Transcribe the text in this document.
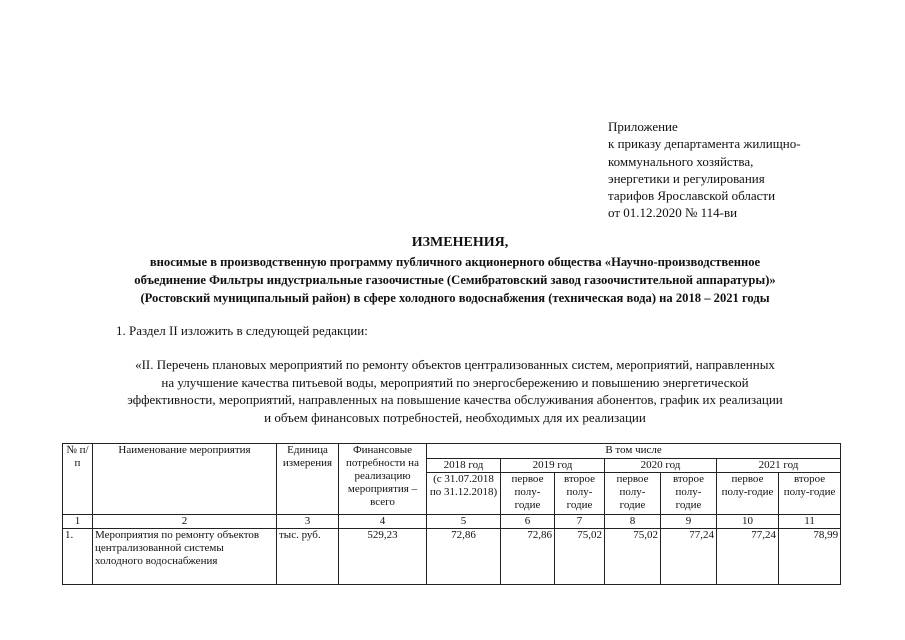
Приложение
к приказу департамента жилищно-
коммунального хозяйства,
энергетики и регулирования
тарифов Ярославской области
от 01.12.2020 № 114-ви
ИЗМЕНЕНИЯ,
вносимые в производственную программу публичного акционерного общества «Научно-производственное
объединение Фильтры индустриальные газоочистные (Семибратовский завод газоочистительной аппаратуры)»
(Ростовский муниципальный район) в сфере холодного водоснабжения (техническая вода) на 2018 – 2021 годы
1. Раздел II изложить в следующей редакции:
«II. Перечень плановых мероприятий по ремонту объектов централизованных систем, мероприятий, направленных
на улучшение качества питьевой воды, мероприятий по энергосбережению и повышению энергетической
эффективности, мероприятий, направленных на повышение качества обслуживания абонентов, график их реализации
и объем финансовых потребностей, необходимых для их реализации
№ п/п	Наименование мероприятия	Единица измерения	Финансовые потребности на реализацию мероприятия – всего	В том числе						
				2018 год	2019 год		2020 год		2021 год	
				(с 31.07.2018 по 31.12.2018)	первое полу-годие	второе полу-годие	первое полу-годие	второе полу-годие	первое полу-годие	второе полу-годие
1	2	3	4	5	6	7	8	9	10	11
1.	Мероприятия по ремонту объектов централизованной системы холодного водоснабжения	тыс. руб.	529,23	72,86	72,86	75,02	75,02	77,24	77,24	78,99
